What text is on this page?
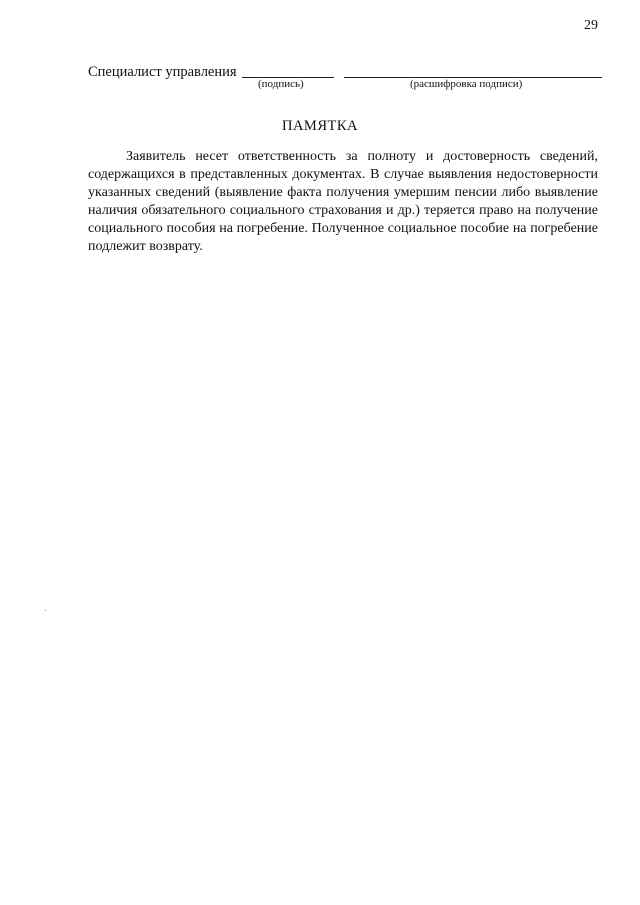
29
Специалист управления
(подпись)	(расшифровка подписи)
ПАМЯТКА

Заявитель несет ответственность за полноту и достоверность сведений, содержащихся в представленных документах. В случае выявления недостоверности указанных сведений (выявление факта получения умершим пенсии либо выявление наличия обязательного социального страхования и др.) теряется право на получение социального пособия на погребение. Полученное социальное пособие на погребение подлежит возврату.
